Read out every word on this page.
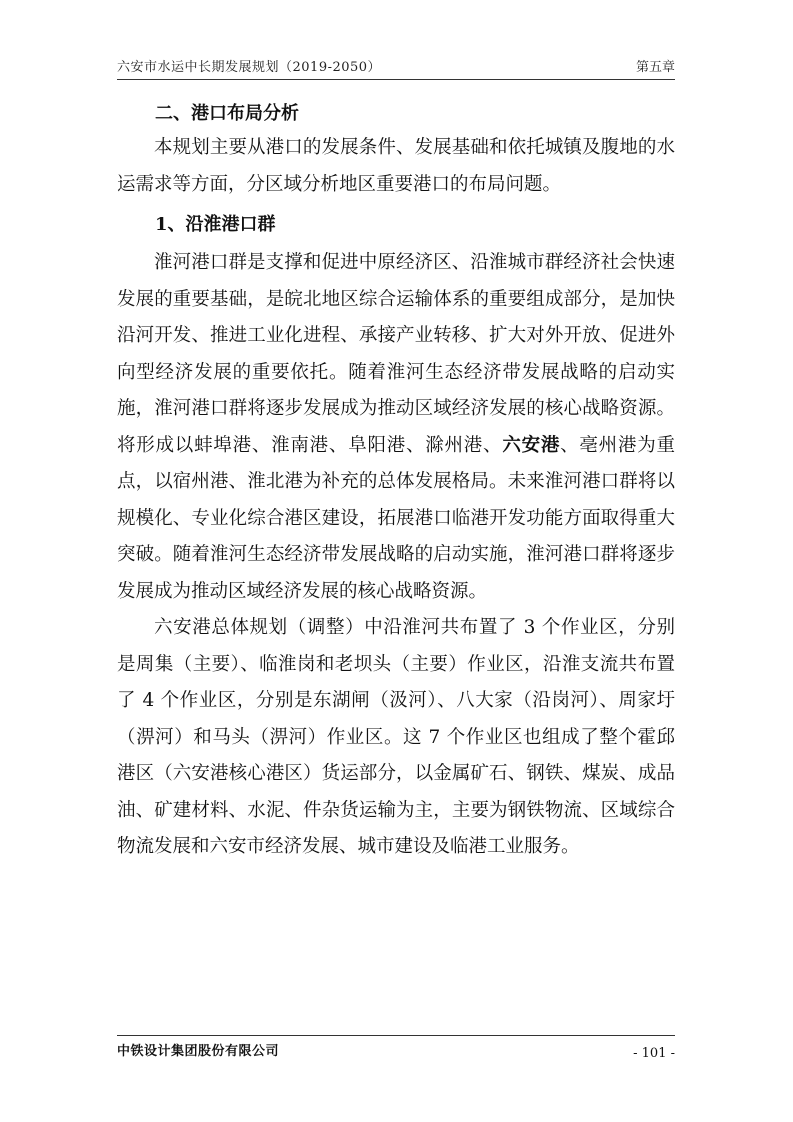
六安市水运中长期发展规划（2019-2050）	第五章
二、港口布局分析

本规划主要从港口的发展条件、发展基础和依托城镇及腹地的水运需求等方面，分区域分析地区重要港口的布局问题。

1、沿淮港口群

淮河港口群是支撑和促进中原经济区、沿淮城市群经济社会快速发展的重要基础，是皖北地区综合运输体系的重要组成部分，是加快沿河开发、推进工业化进程、承接产业转移、扩大对外开放、促进外向型经济发展的重要依托。随着淮河生态经济带发展战略的启动实施，淮河港口群将逐步发展成为推动区域经济发展的核心战略资源。将形成以蚌埠港、淮南港、阜阳港、滁州港、六安港、亳州港为重点，以宿州港、淮北港为补充的总体发展格局。未来淮河港口群将以规模化、专业化综合港区建设，拓展港口临港开发功能方面取得重大突破。随着淮河生态经济带发展战略的启动实施，淮河港口群将逐步发展成为推动区域经济发展的核心战略资源。

六安港总体规划（调整）中沿淮河共布置了 3 个作业区，分别是周集（主要）、临淮岗和老坝头（主要）作业区，沿淮支流共布置了 4 个作业区，分别是东湖闸（汲河）、八大家（沿岗河）、周家圩（淠河）和马头（淠河）作业区。这 7 个作业区也组成了整个霍邱港区（六安港核心港区）货运部分，以金属矿石、钢铁、煤炭、成品油、矿建材料、水泥、件杂货运输为主，主要为钢铁物流、区域综合物流发展和六安市经济发展、城市建设及临港工业服务。

中铁设计集团股份有限公司	- 101 -
